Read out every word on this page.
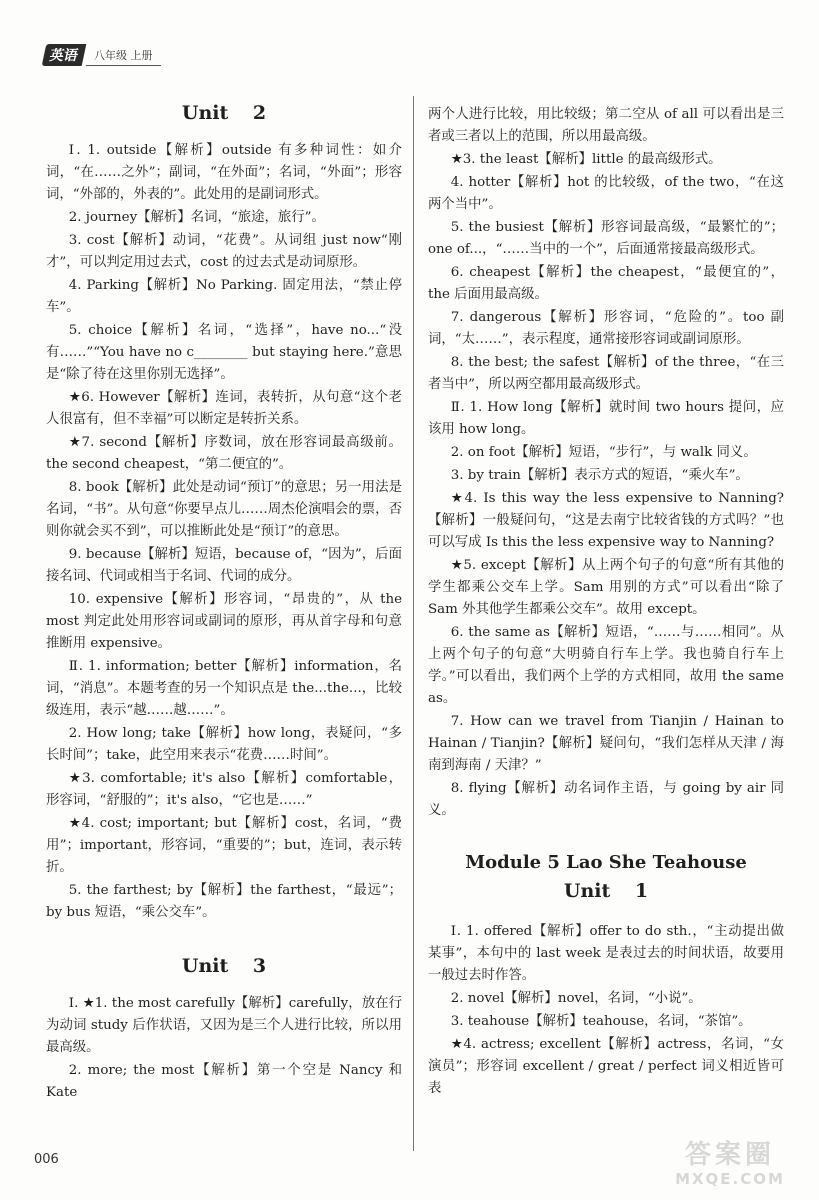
英语	八年级 上册
Unit 2

Ⅰ. 1. outside【解析】outside 有多种词性：如介词，“在……之外”；副词，“在外面”；名词，“外面”；形容词，“外部的，外表的”。此处用的是副词形式。

2. journey【解析】名词，“旅途，旅行”。

3. cost【解析】动词，“花费”。从词组 just now“刚才”，可以判定用过去式，cost 的过去式是动词原形。

4. Parking【解析】No Parking. 固定用法，“禁止停车”。

5. choice【解析】名词，“选择”，have no...“没有……”“You have no c________ but staying here.”意思是“除了待在这里你别无选择”。

★6. However【解析】连词，表转折，从句意“这个老人很富有，但不幸福”可以断定是转折关系。

★7. second【解析】序数词，放在形容词最高级前。the second cheapest，“第二便宜的”。

8. book【解析】此处是动词“预订”的意思；另一用法是名词，“书”。从句意“你要早点儿……周杰伦演唱会的票，否则你就会买不到”，可以推断此处是“预订”的意思。

9. because【解析】短语，because of，“因为”，后面接名词、代词或相当于名词、代词的成分。

10. expensive【解析】形容词，“昂贵的”，从 the most 判定此处用形容词或副词的原形，再从首字母和句意推断用 expensive。

Ⅱ. 1. information; better【解析】information，名词，“消息”。本题考查的另一个知识点是 the...the...，比较级连用，表示“越……越……”。

2. How long; take【解析】how long，表疑问，“多长时间”；take，此空用来表示“花费……时间”。

★3. comfortable; it's also【解析】comfortable，形容词，“舒服的”；it's also，“它也是……”

★4. cost; important; but【解析】cost，名词，“费用”；important，形容词，“重要的”；but，连词，表示转折。

5. the farthest; by【解析】the farthest，“最远”；by bus 短语，“乘公交车”。

Unit 3

Ⅰ. ★1. the most carefully【解析】carefully，放在行为动词 study 后作状语，又因为是三个人进行比较，所以用最高级。

2. more; the most【解析】第一个空是 Nancy 和 Kate

两个人进行比较，用比较级；第二空从 of all 可以看出是三者或三者以上的范围，所以用最高级。

★3. the least【解析】little 的最高级形式。

4. hotter【解析】hot 的比较级，of the two，“在这两个当中”。

5. the busiest【解析】形容词最高级，“最繁忙的”；one of...，“……当中的一个”，后面通常接最高级形式。

6. cheapest【解析】the cheapest，“最便宜的”，the 后面用最高级。

7. dangerous【解析】形容词，“危险的”。too 副词，“太……”，表示程度，通常接形容词或副词原形。

8. the best; the safest【解析】of the three，“在三者当中”，所以两空都用最高级形式。

Ⅱ. 1. How long【解析】就时间 two hours 提问，应该用 how long。

2. on foot【解析】短语，“步行”，与 walk 同义。

3. by train【解析】表示方式的短语，“乘火车”。

★4. Is this way the less expensive to Nanning?【解析】一般疑问句，“这是去南宁比较省钱的方式吗？”也可以写成 Is this the less expensive way to Nanning?

★5. except【解析】从上两个句子的句意“所有其他的学生都乘公交车上学。Sam 用别的方式”可以看出“除了 Sam 外其他学生都乘公交车”。故用 except。

6. the same as【解析】短语，“……与……相同”。从上两个句子的句意“大明骑自行车上学。我也骑自行车上学。”可以看出，我们两个上学的方式相同，故用 the same as。

7. How can we travel from Tianjin / Hainan to Hainan / Tianjin?【解析】疑问句，“我们怎样从天津 / 海南到海南 / 天津？”

8. flying【解析】动名词作主语，与 going by air 同义。

Module 5 Lao She Teahouse
Unit 1

Ⅰ. 1. offered【解析】offer to do sth.，“主动提出做某事”，本句中的 last week 是表过去的时间状语，故要用一般过去时作答。

2. novel【解析】novel，名词，“小说”。

3. teahouse【解析】teahouse，名词，“茶馆”。

★4. actress; excellent【解析】actress，名词，“女演员”；形容词 excellent / great / perfect 词义相近皆可表

006	答案圈
MXQE.COM
